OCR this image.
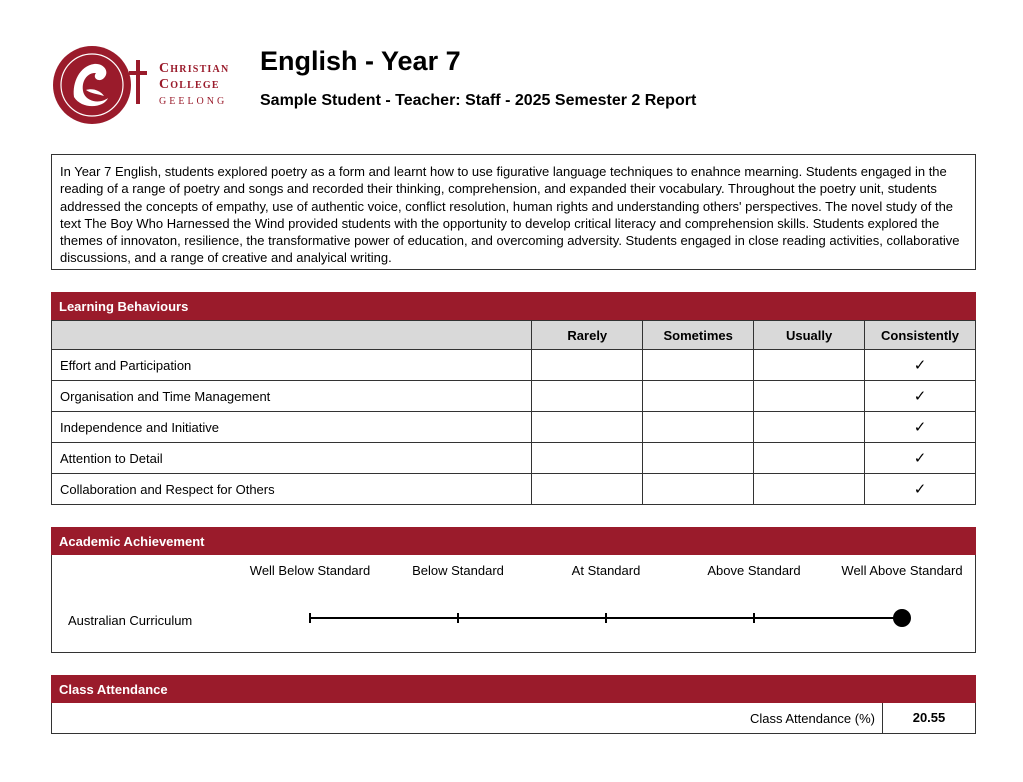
Christian
College
GEELONG
English - Year 7
Sample Student - Teacher: Staff - 2025 Semester 2 Report
In Year 7 English, students explored poetry as a form and learnt how to use figurative language techniques to enahnce mearning. Students engaged in the reading of a range of poetry and songs and recorded their thinking, comprehension, and expanded their vocabulary. Throughout the poetry unit, students addressed the concepts of empathy, use of authentic voice, conflict resolution, human rights and understanding others' perspectives. The novel study of the text The Boy Who Harnessed the Wind provided students with the opportunity to develop critical literacy and comprehension skills. Students explored the themes of innovaton, resilience, the transformative power of education, and overcoming adversity. Students engaged in close reading activities, collaborative discussions, and a range of creative and analyical writing.
Learning Behaviours
	Rarely	Sometimes	Usually	Consistently
Effort and Participation				✓
Organisation and Time Management				✓
Independence and Initiative				✓
Attention to Detail				✓
Collaboration and Respect for Others				✓
Academic Achievement
Australian Curriculum
Well Below Standard	Below Standard	At Standard	Above Standard	Well Above Standard
Class Attendance
Class Attendance (%)	20.55
